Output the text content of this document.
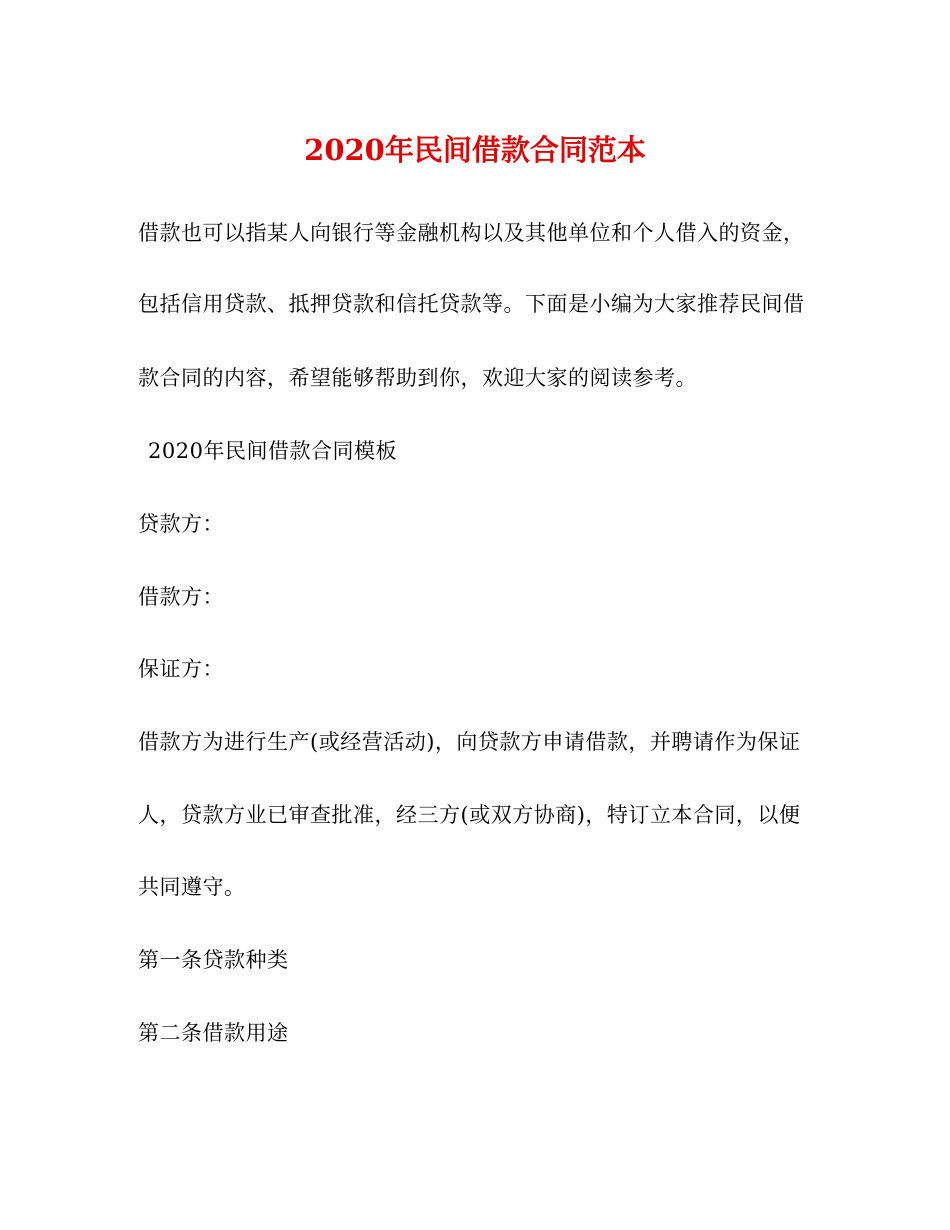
2020年民间借款合同范本
借款也可以指某人向银行等金融机构以及其他单位和个人借入的资金，
包括信用贷款、抵押贷款和信托贷款等。下面是小编为大家推荐民间借
款合同的内容，希望能够帮助到你，欢迎大家的阅读参考。
2020年民间借款合同模板
贷款方：
借款方：
保证方：
借款方为进行生产(或经营活动)，向贷款方申请借款，并聘请作为保证
人，贷款方业已审查批准，经三方(或双方协商)，特订立本合同，以便
共同遵守。
第一条贷款种类
第二条借款用途
